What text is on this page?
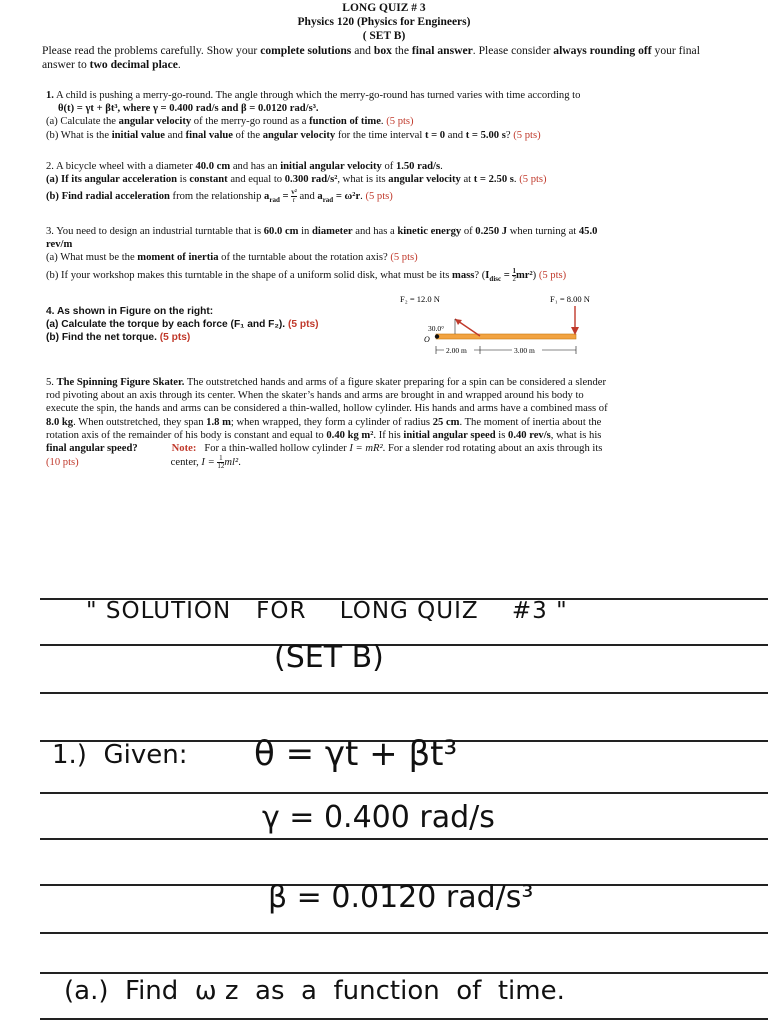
LONG QUIZ # 3
Physics 120 (Physics for Engineers)
( SET B)
Please read the problems carefully. Show your complete solutions and box the final answer. Please consider always rounding off your final answer to two decimal place.

1. A child is pushing a merry-go-round. The angle through which the merry-go-round has turned varies with time according to

θ(t) = γt + βt³, where γ = 0.400 rad/s and β = 0.0120 rad/s³.

(a) Calculate the angular velocity of the merry-go round as a function of time. (5 pts)

(b) What is the initial value and final value of the angular velocity for the time interval t = 0 and t = 5.00 s? (5 pts)

2. A bicycle wheel with a diameter 40.0 cm and has an initial angular velocity of 1.50 rad/s.

(a) If its angular acceleration is constant and equal to 0.300 rad/s², what is its angular velocity at t = 2.50 s. (5 pts)

(b) Find radial acceleration from the relationship $a_{rad} = \frac{\text{v²}}{r}$ and $a_{rad} = \omega^2r$. (5 pts)

3. You need to design an industrial turntable that is 60.0 cm in diameter and has a kinetic energy of 0.250 J when turning at 45.0

rev/m

(a) What must be the moment of inertia of the turntable about the rotation axis? (5 pts)

(b) If your workshop makes this turntable in the shape of a uniform solid disk, what must be its mass? $(I_{disc} = \frac{1}{2} mr^2)$ (5 pts)

4. As shown in Figure on the right:

(a) Calculate the torque by each force (F₁ and F₂). (5 pts)

(b) Find the net torque. (5 pts)

F₂ = 12.0 N	F₁ = 8.00 N
30.0°
O
2.00 m	3.00 m

5. The Spinning Figure Skater. The outstretched hands and arms of a figure skater preparing for a spin can be considered a slender

rod pivoting about an axis through its center. When the skater’s hands and arms are brought in and wrapped around his body to

execute the spin, the hands and arms can be considered a thin-walled, hollow cylinder. His hands and arms have a combined mass of

8.0 kg. When outstretched, they span 1.8 m; when wrapped, they form a cylinder of radius 25 cm. The moment of inertia about the

rotation axis of the remainder of his body is constant and equal to 0.40 kg m². If his initial angular speed is 0.40 rev/s, what is his

final angular speed?	Note: For a thin-walled hollow cylinder I = mR². For a slender rod rotating about an axis through its

(10 pts)	center, $I = \frac{1}{12} ml^2$.

" SOLUTION   FOR    LONG QUIZ    #3 "
(SET B)
1.)  Given: θ = γt + βt³
γ = 0.400 rad/s
β = 0.0120 rad/s³
(a.)  Find  ω z  as  a  function  of  time.
